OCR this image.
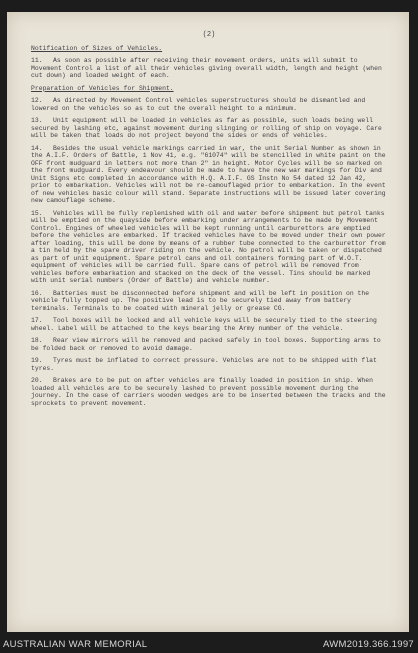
(2)
Notification of Sizes of Vehicles.
11. As soon as possible after receiving their movement orders, units will submit to Movement Control a list of all their vehicles giving overall width, length and height (when cut down) and loaded weight of each.
Preparation of Vehicles for Shipment.
12. As directed by Movement Control vehicles superstructures should be dismantled and lowered on the vehicles so as to cut the overall height to a minimum.
13. Unit equipment will be loaded in vehicles as far as possible, such loads being well secured by lashing etc, against movement during slinging or rolling of ship on voyage. Care will be taken that loads do not project beyond the sides or ends of vehicles.
14. Besides the usual vehicle markings carried in war, the unit Serial Number as shown in the A.I.F. Orders of Battle, 1 Nov 41, e.g. "61074" will be stencilled in white paint on the OFF front mudguard in letters not more than 2" in height. Motor Cycles will be so marked on the front mudguard. Every endeavour should be made to have the new war markings for Div and Unit Signs etc completed in accordance with H.Q. A.I.F. GS Instn No 54 dated 12 Jan 42, prior to embarkation. Vehicles will not be re-camouflaged prior to embarkation. In the event of new vehicles basic colour will stand. Separate instructions will be issued later covering new camouflage scheme.
15. Vehicles will be fully replenished with oil and water before shipment but petrol tanks will be emptied on the quayside before embarking under arrangements to be made by Movement Control. Engines of wheeled vehicles will be kept running until carburettors are emptied before the vehicles are embarked. If tracked vehicles have to be moved under their own power after loading, this will be done by means of a rubber tube connected to the carburettor from a tin held by the spare driver riding on the vehicle. No petrol will be taken or dispatched as part of unit equipment. Spare petrol cans and oil containers forming part of W.O.T. equipment of vehicles will be carried full. Spare cans of petrol will be removed from vehicles before embarkation and stacked on the deck of the vessel. Tins should be marked with unit serial numbers (Order of Battle) and vehicle number.
16. Batteries must be disconnected before shipment and will be left in position on the vehicle fully topped up. The positive lead is to be securely tied away from battery terminals. Terminals to be coated with mineral jelly or grease CG.
17. Tool boxes will be locked and all vehicle keys will be securely tied to the steering wheel. Label will be attached to the keys bearing the Army number of the vehicle.
18. Rear view mirrors will be removed and packed safely in tool boxes. Supporting arms to be folded back or removed to avoid damage.
19. Tyres must be inflated to correct pressure. Vehicles are not to be shipped with flat tyres.
20. Brakes are to be put on after vehicles are finally loaded in position in ship. When loaded all vehicles are to be securely lashed to prevent possible movement during the journey. In the case of carriers wooden wedges are to be inserted between the tracks and the sprockets to prevent movement.
AUSTRALIAN WAR MEMORIAL	AWM2019.366.1997
